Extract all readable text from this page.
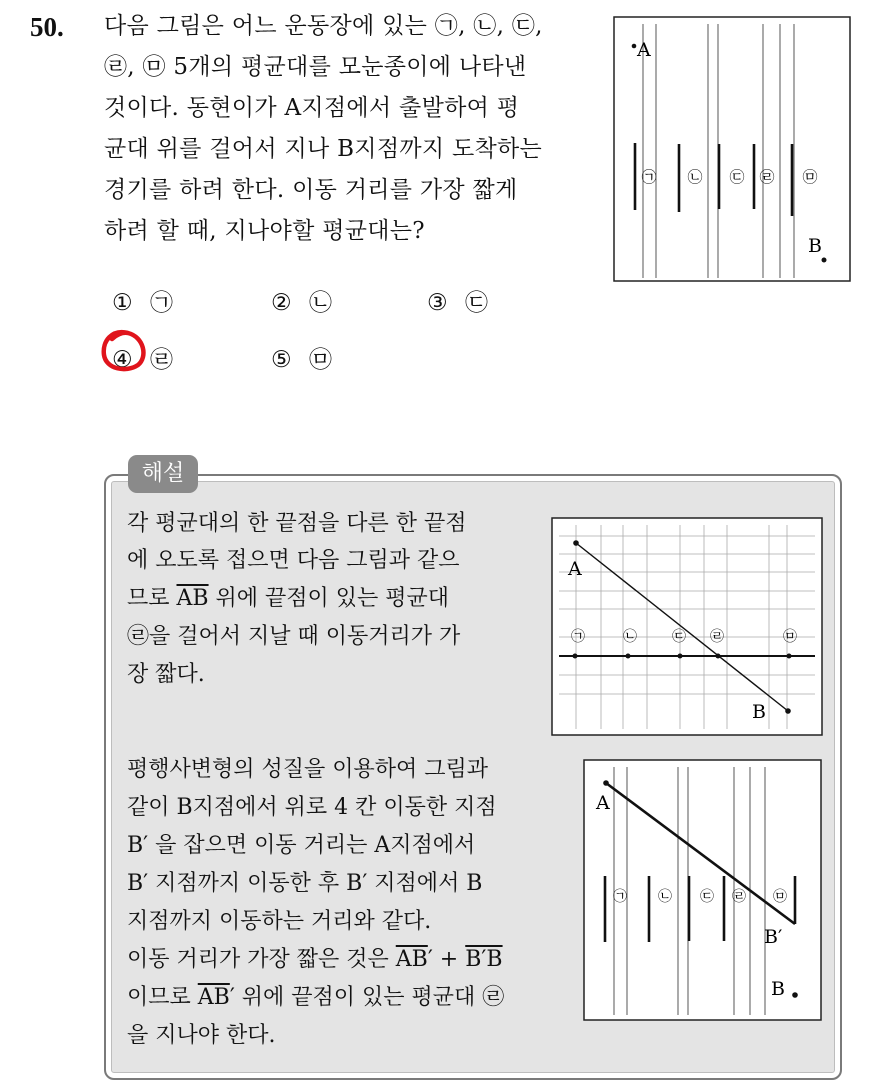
50. 다음 그림은 어느 운동장에 있는 ㉠, ㉡, ㉢,
㉣, ㉤ 5개의 평균대를 모눈종이에 나타낸
것이다. 동현이가 A지점에서 출발하여 평
균대 위를 걸어서 지나 B지점까지 도착하는
경기를 하려 한다. 이동 거리를 가장 짧게
하려 할 때, 지나야할 평균대는?
㉠ ㉡ ㉢ ㉣ ㉤
A
B
① ㉠	② ㉡	③ ㉢
④ ㉣	⑤ ㉤
해설
각 평균대의 한 끝점을 다른 한 끝점
에 오도록 접으면 다음 그림과 같으
므로 $\overline{AB}$ 위에 끝점이 있는 평균대
㉣을 걸어서 지날 때 이동거리가 가
장 짧다.
㉠	㉡	㉢ ㉣	㉤
A
B
평행사변형의 성질을 이용하여 그림과
같이 B지점에서 위로 4 칸 이동한 지점
B′ 을 잡으면 이동 거리는 A지점에서
B′ 지점까지 이동한 후 B′ 지점에서 B
지점까지 이동하는 거리와 같다.
이동 거리가 가장 짧은 것은 $\overline{AB}' + B'B$
이므로 $\overline{AB}'$ 위에 끝점이 있는 평균대 ㉣
을 지나야 한다.
㉠ ㉡ ㉢ ㉣ ㉤
A
B′
B
